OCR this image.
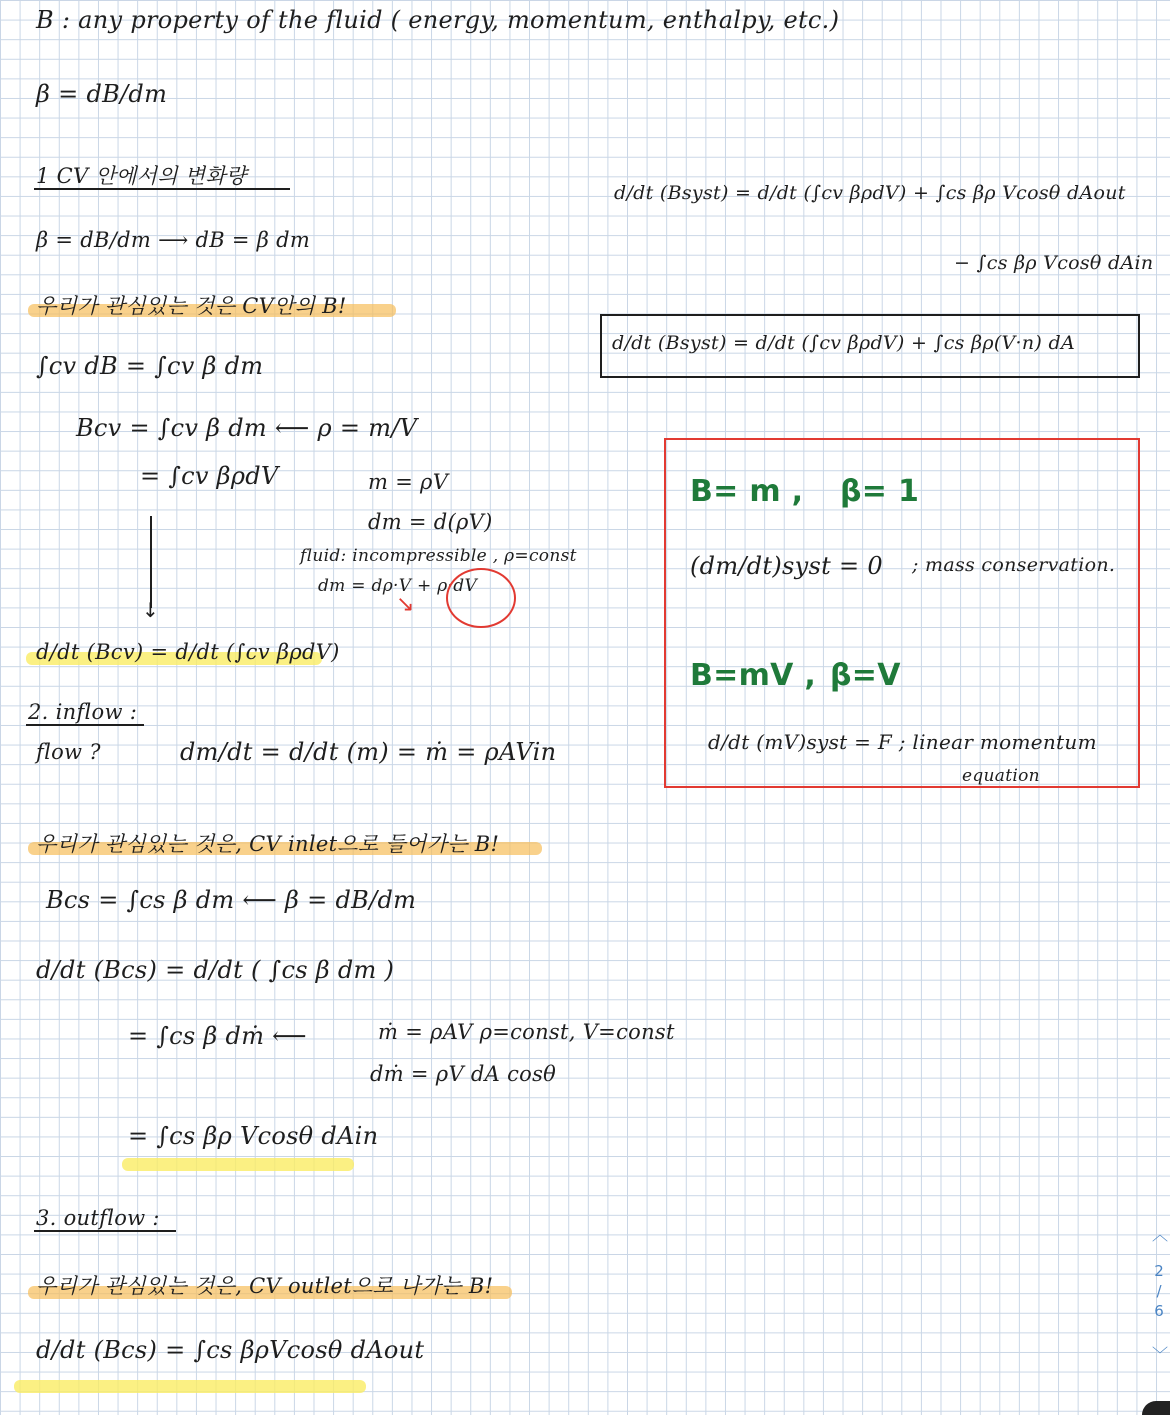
B : any property of the fluid ( energy, momentum, enthalpy, etc.)
β = dB/dm
1 CV 안에서의 변화량
β = dB/dm ⟶ dB = β dm
우리가 관심있는 것은 CV안의 B!
∫cv dB = ∫cv β dm
Bcv = ∫cv β dm ⟵ ρ = m/V
= ∫cv βρdV	m = ρV
dm = d(ρV)
fluid: incompressible , ρ=const
dm = dρ·V + ρ·dV
↘
↓
d/dt (Bcv) = d/dt (∫cv βρdV)
2. inflow :
flow ?	dm/dt = d/dt (m) = ṁ = ρAVin
우리가 관심있는 것은, CV inlet으로 들어가는 B!
Bcs = ∫cs β dm ⟵ β = dB/dm
d/dt (Bcs) = d/dt ( ∫cs β dm )
= ∫cs β dṁ ⟵	ṁ = ρAV ρ=const, V=const
dṁ = ρV dA cosθ
= ∫cs βρ Vcosθ dAin
3. outflow :
우리가 관심있는 것은, CV outlet으로 나가는 B!
d/dt (Bcs) = ∫cs βρVcosθ dAout
d/dt (Bsyst) = d/dt (∫cv βρdV) + ∫cs βρ Vcosθ dAout
− ∫cs βρ Vcosθ dAin
d/dt (Bsyst) = d/dt (∫cv βρdV) + ∫cs βρ(V·n) dA
B= m , β= 1
(dm/dt)syst = 0 ; mass conservation.
B=mV , β=V
d/dt (mV)syst = F ; linear momentum
equation
︿
2
/
6
﹀
